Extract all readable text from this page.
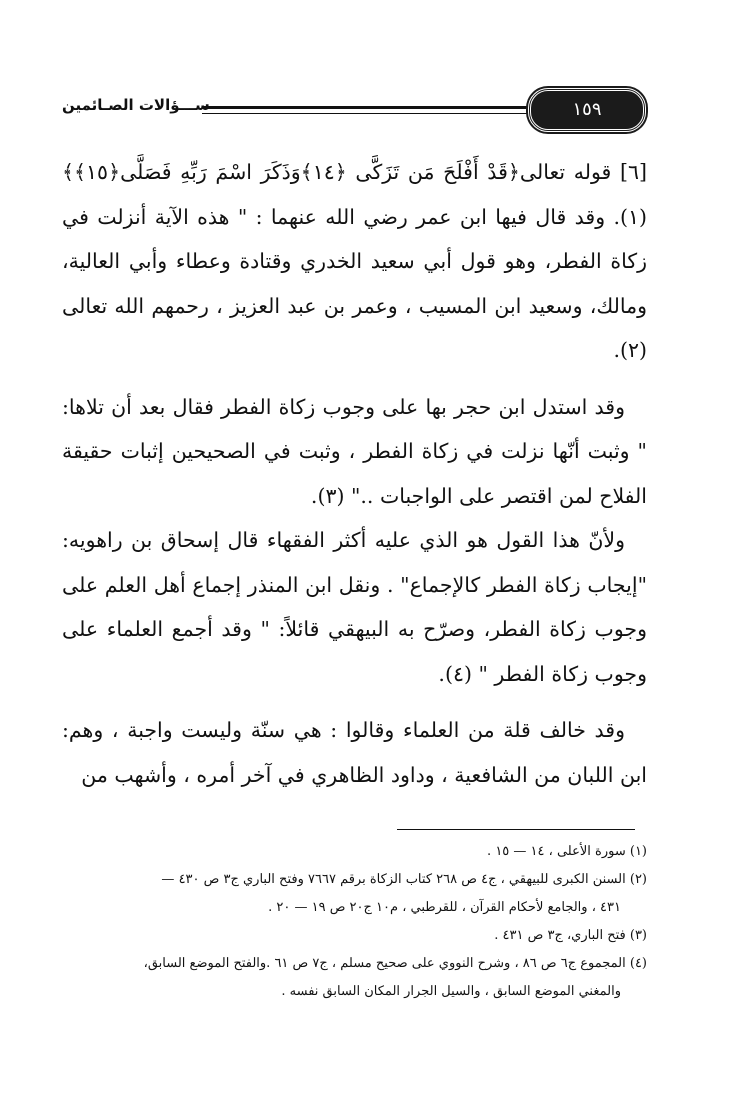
ســـؤالات الصـائمين	١٥٩

[٦] قوله تعالى﴿قَدْ أَفْلَحَ مَن تَزَكَّى ﴿١٤﴾وَذَكَرَ اسْمَ رَبِّهِ فَصَلَّى﴿١٥﴾﴾(١). وقد قال فيها ابن عمر رضي الله عنهما : " هذه الآية أنزلت في زكاة الفطر، وهو قول أبي سعيد الخدري وقتادة وعطاء وأبي العالية، ومالك، وسعيد ابن المسيب ، وعمر بن عبد العزيز ، رحمهم الله تعالى (٢).

وقد استدل ابن حجر بها على وجوب زكاة الفطر فقال بعد أن تلاها: " وثبت أنّها نزلت في زكاة الفطر ، وثبت في الصحيحين إثبات حقيقة الفلاح لمن اقتصر على الواجبات .." (٣).

ولأنّ هذا القول هو الذي عليه أكثر الفقهاء قال إسحاق بن راهويه: "إيجاب زكاة الفطر كالإجماع" . ونقل ابن المنذر إجماع أهل العلم على وجوب زكاة الفطر، وصرّح به البيهقي قائلاً: " وقد أجمع العلماء على وجوب زكاة الفطر " (٤).

وقد خالف قلة من العلماء وقالوا : هي سنّة وليست واجبة ، وهم: ابن اللبان من الشافعية ، وداود الظاهري في آخر أمره ، وأشهب من

(١) سورة الأعلى ، ١٤ — ١٥ .
(٢) السنن الكبرى للبيهقي ، ج٤ ص ٢٦٨ كتاب الزكاة برقم ٧٦٦٧ وفتح الباري ج٣ ص ٤٣٠ —
٤٣١ ، والجامع لأحكام القرآن ، للقرطبي ، م١٠ ج٢٠ ص ١٩ — ٢٠ .
(٣) فتح الباري، ج٣ ص ٤٣١ .
(٤) المجموع ج٦ ص ٨٦ ، وشرح النووي على صحيح مسلم ، ج٧ ص ٦١ .والفتح الموضع السابق،
والمغني الموضع السابق ، والسيل الجرار المكان السابق نفسه .
